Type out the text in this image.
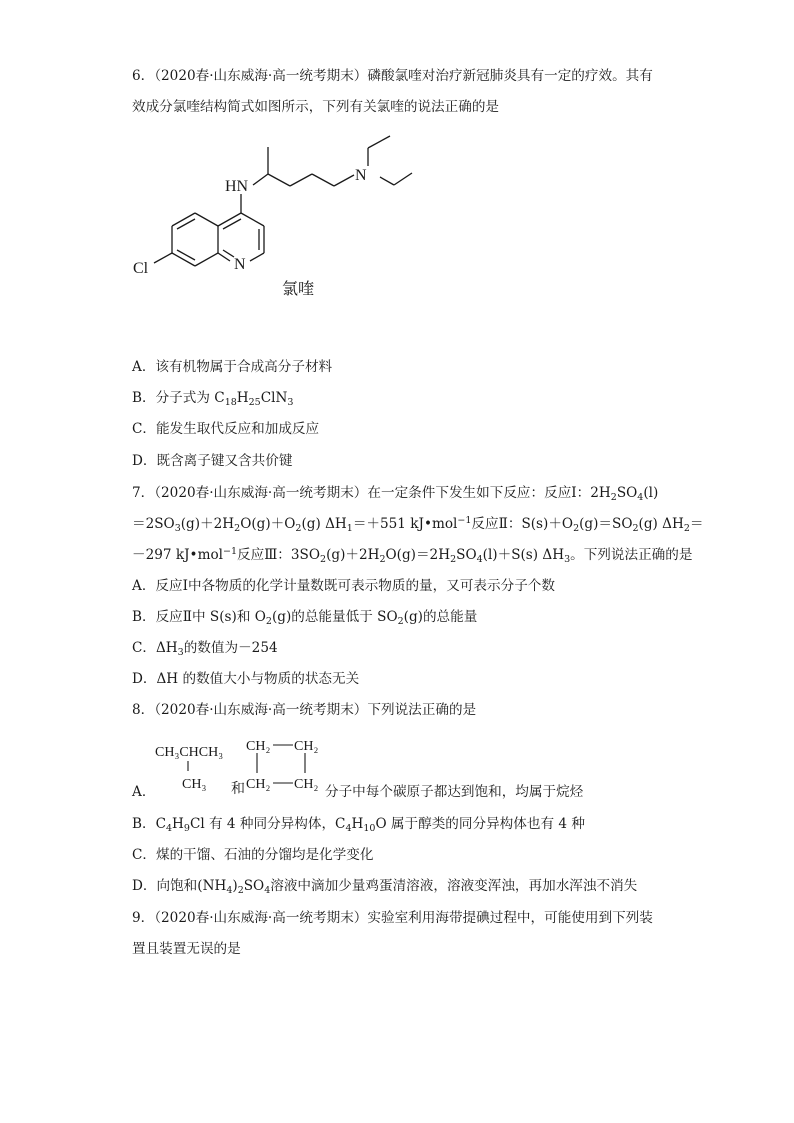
6．（2020春·山东威海·高一统考期末）磷酸氯喹对治疗新冠肺炎具有一定的疗效。其有
效成分氯喹结构简式如图所示，下列有关氯喹的说法正确的是
HN
N
Cl	N
氯喹
A．该有机物属于合成高分子材料
B．分子式为 $C_{18}H_{25}ClN_3$
C．能发生取代反应和加成反应
D．既含离子键又含共价键
7．（2020春·山东威海·高一统考期末）在一定条件下发生如下反应：反应Ⅰ：$2H_2SO_4(l)$
$=2SO_3(g)+2H_2O(g)+O_2(g)$ $\Delta H_1=+551$ kJ•mol$^{-1}$反应Ⅱ：$S(s)+O_2(g)=SO_2(g)$ $\Delta H_2=$
－297 kJ•mol$^{-1}$反应Ⅲ：$3SO_2(g)+2H_2O(g)=2H_2SO_4(l)+S(s)$ $\Delta H_3$。下列说法正确的是
A．反应Ⅰ中各物质的化学计量数既可表示物质的量，又可表示分子个数
B．反应Ⅱ中 S(s)和 $O_2(g)$的总能量低于 $SO_2(g)$的总能量
C．$\Delta H_3$的数值为－254
D．ΔH 的数值大小与物质的状态无关
8．（2020春·山东威海·高一统考期末）下列说法正确的是
A．
CH₃CHCH₃
CH₃ 和
CH₂ CH₂
CH₂ CH₂ 分子中每个碳原子都达到饱和，均属于烷烃
B．$C_4H_9Cl$ 有 4 种同分异构体，$C_4H_{10}O$ 属于醇类的同分异构体也有 4 种
C．煤的干馏、石油的分馏均是化学变化
D．向饱和$(NH_4)_2SO_4$溶液中滴加少量鸡蛋清溶液，溶液变浑浊，再加水浑浊不消失
9．（2020春·山东威海·高一统考期末）实验室利用海带提碘过程中，可能使用到下列装
置且装置无误的是
